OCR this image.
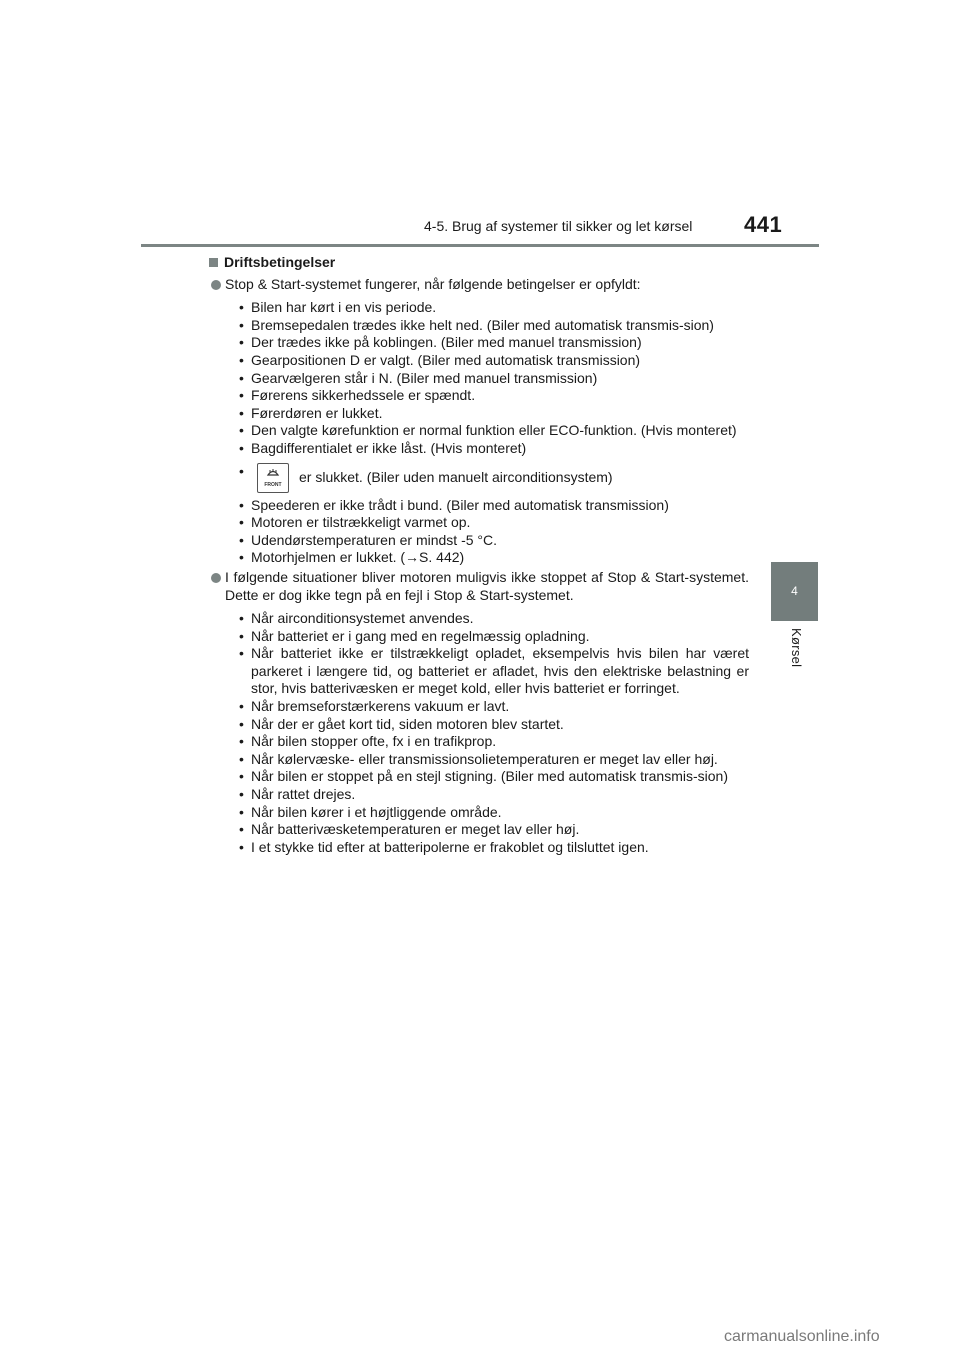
4-5. Brug af systemer til sikker og let kørsel 441
4
Kørsel
Driftsbetingelser
Stop & Start-systemet fungerer, når følgende betingelser er opfyldt:
• Bilen har kørt i en vis periode.
• Bremsepedalen trædes ikke helt ned. (Biler med automatisk transmis-sion)
• Der trædes ikke på koblingen. (Biler med manuel transmission)
• Gearpositionen D er valgt. (Biler med automatisk transmission)
• Gearvælgeren står i N. (Biler med manuel transmission)
• Førerens sikkerhedssele er spændt.
• Førerdøren er lukket.
• Den valgte kørefunktion er normal funktion eller ECO-funktion. (Hvis monteret)
• Bagdifferentialet er ikke låst. (Hvis monteret)
• FRONT er slukket. (Biler uden manuelt airconditionsystem)
• Speederen er ikke trådt i bund. (Biler med automatisk transmission)
• Motoren er tilstrækkeligt varmet op.
• Udendørstemperaturen er mindst -5 °C.
• Motorhjelmen er lukket. (→S. 442)
I følgende situationer bliver motoren muligvis ikke stoppet af Stop & Start-systemet. Dette er dog ikke tegn på en fejl i Stop & Start-systemet.
• Når airconditionsystemet anvendes.
• Når batteriet er i gang med en regelmæssig opladning.
• Når batteriet ikke er tilstrækkeligt opladet, eksempelvis hvis bilen har været parkeret i længere tid, og batteriet er afladet, hvis den elektriske belastning er stor, hvis batterivæsken er meget kold, eller hvis batteriet er forringet.
• Når bremseforstærkerens vakuum er lavt.
• Når der er gået kort tid, siden motoren blev startet.
• Når bilen stopper ofte, fx i en trafikprop.
• Når kølervæske- eller transmissionsolietemperaturen er meget lav eller høj.
• Når bilen er stoppet på en stejl stigning. (Biler med automatisk transmis-sion)
• Når rattet drejes.
• Når bilen kører i et højtliggende område.
• Når batterivæsketemperaturen er meget lav eller høj.
• I et stykke tid efter at batteripolerne er frakoblet og tilsluttet igen.
carmanualsonline.info
